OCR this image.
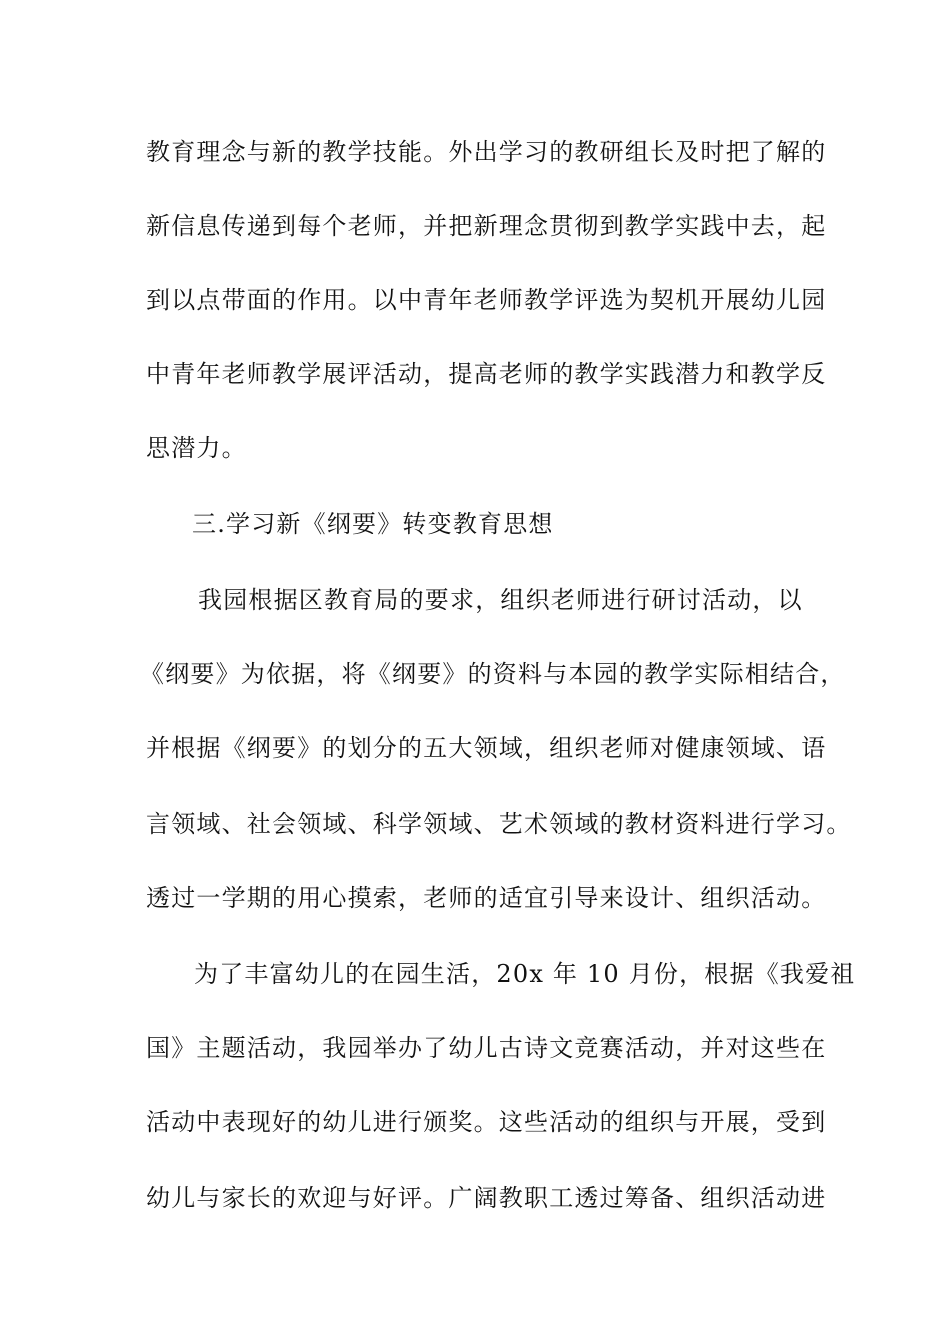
教育理念与新的教学技能。外出学习的教研组长及时把了解的
新信息传递到每个老师，并把新理念贯彻到教学实践中去，起
到以点带面的作用。以中青年老师教学评选为契机开展幼儿园
中青年老师教学展评活动，提高老师的教学实践潜力和教学反
思潜力。
三.学习新《纲要》转变教育思想
我园根据区教育局的要求，组织老师进行研讨活动，以
《纲要》为依据，将《纲要》的资料与本园的教学实际相结合，
并根据《纲要》的划分的五大领域，组织老师对健康领域、语
言领域、社会领域、科学领域、艺术领域的教材资料进行学习。
透过一学期的用心摸索，老师的适宜引导来设计、组织活动。
为了丰富幼儿的在园生活，20x 年 10 月份，根据《我爱祖
国》主题活动，我园举办了幼儿古诗文竞赛活动，并对这些在
活动中表现好的幼儿进行颁奖。这些活动的组织与开展，受到
幼儿与家长的欢迎与好评。广阔教职工透过筹备、组织活动进
